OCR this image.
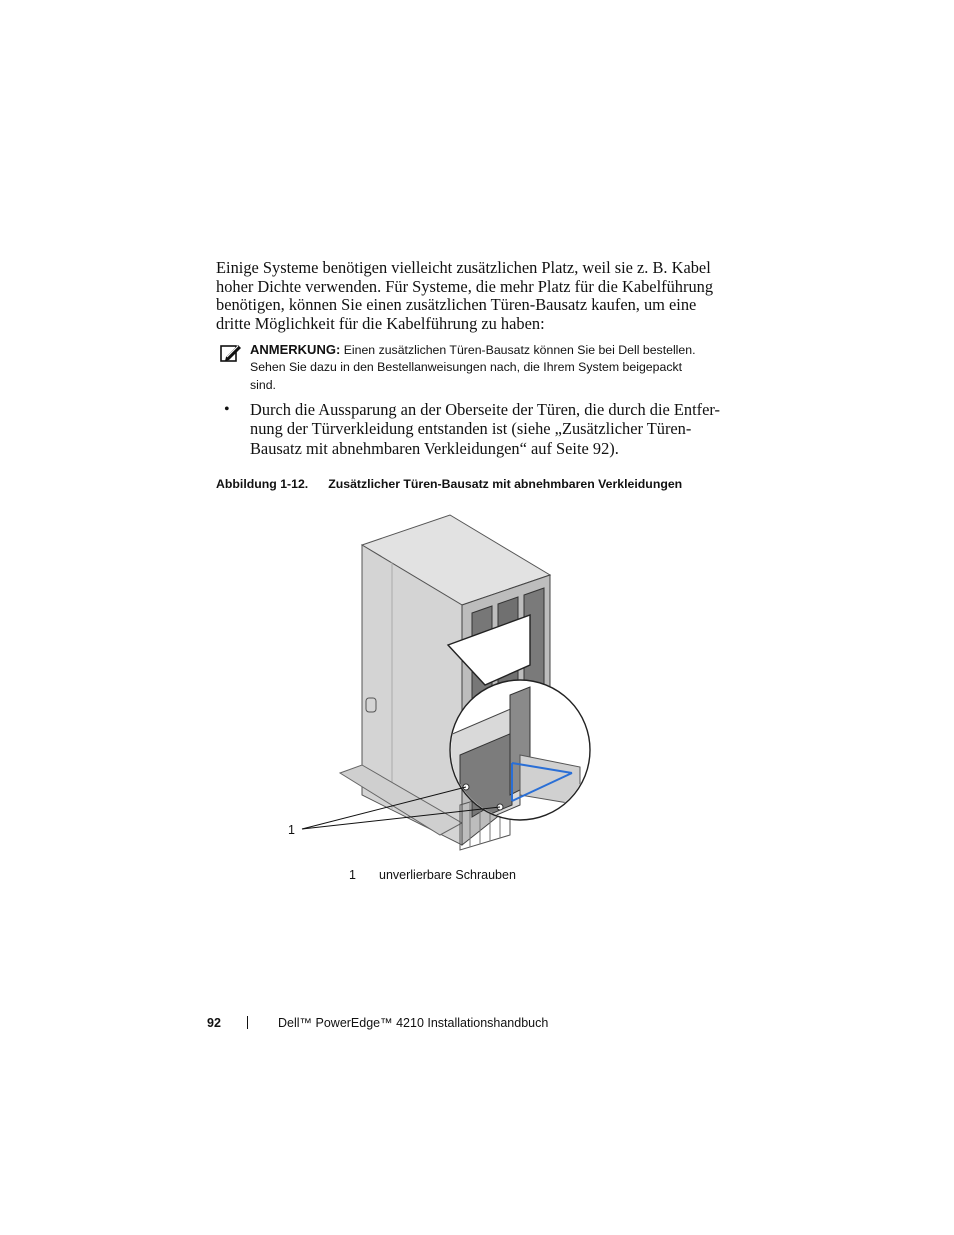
Einige Systeme benötigen vielleicht zusätzlichen Platz, weil sie z. B. Kabel
hoher Dichte verwenden. Für Systeme, die mehr Platz für die Kabelführung
benötigen, können Sie einen zusätzlichen Türen-Bausatz kaufen, um eine
dritte Möglichkeit für die Kabelführung zu haben:
ANMERKUNG: Einen zusätzlichen Türen-Bausatz können Sie bei Dell bestellen.
Sehen Sie dazu in den Bestellanweisungen nach, die Ihrem System beigepackt
sind.
• Durch die Aussparung an der Oberseite der Türen, die durch die Entfer-
nung der Türverkleidung entstanden ist (siehe „Zusätzlicher Türen-
Bausatz mit abnehmbaren Verkleidungen“ auf Seite 92).
Abbildung 1-12. Zusätzlicher Türen-Bausatz mit abnehmbaren Verkleidungen
1
1 unverlierbare Schrauben
92	Dell™ PowerEdge™ 4210 Installationshandbuch
